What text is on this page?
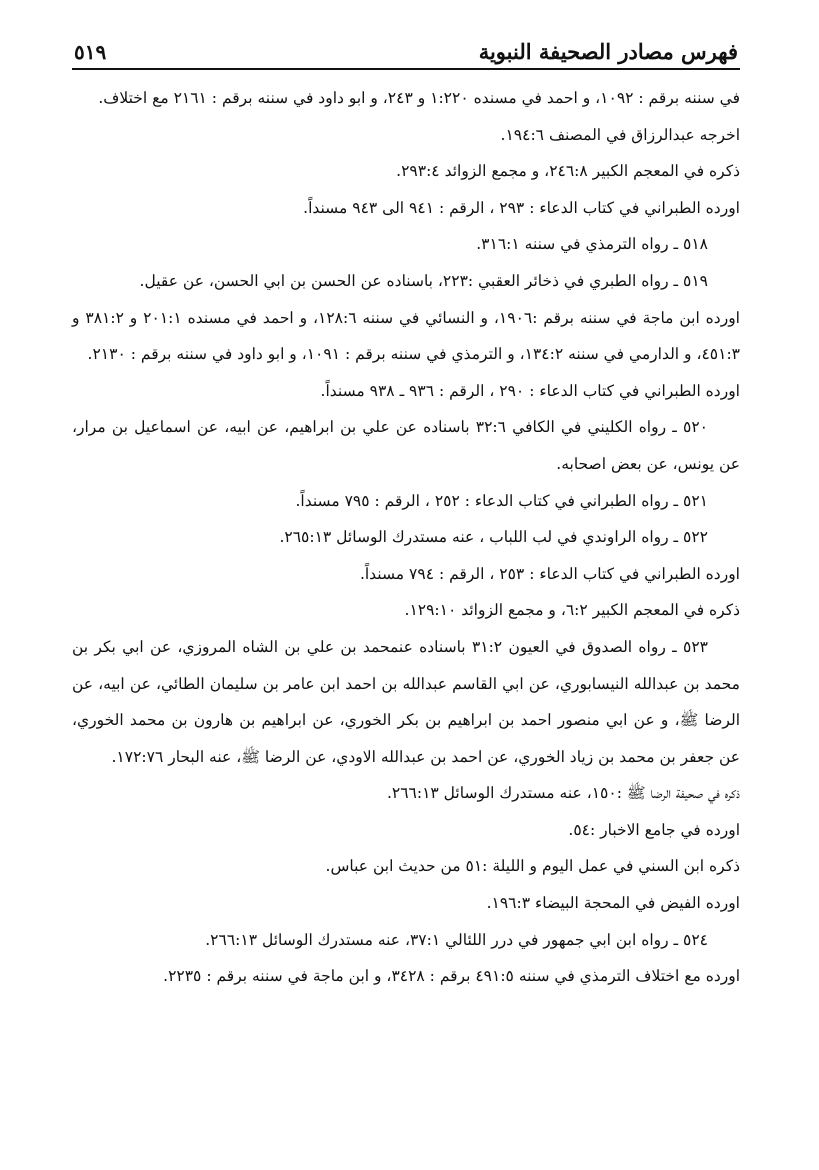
فهرس مصادر الصحيفة النبوية
٥١٩

في سننه برقم : ١٠٩٢، و احمد في مسنده ١:٢٢٠ و ٢٤٣، و ابو داود في سننه برقم : ٢١٦١ مع اختلاف.

اخرجه عبدالرزاق في المصنف ١٩٤:٦.

ذكره في المعجم الكبير ٢٤٦:٨، و مجمع الزوائد ٢٩٣:٤.

اورده الطبراني في كتاب الدعاء : ٢٩٣ ، الرقم : ٩٤١ الى ٩٤٣ مسنداً.

٥١٨ ـ رواه الترمذي في سننه ٣١٦:١.

٥١٩ ـ رواه الطبري في ذخائر العقبي :٢٢٣، باسناده عن الحسن بن ابي الحسن، عن عقيل.

اورده ابن ماجة في سننه برقم :١٩٠٦، و النسائي في سننه ١٢٨:٦، و احمد في مسنده ٢٠١:١ و ٣٨١:٢ و ٤٥١:٣، و الدارمي في سننه ١٣٤:٢، و الترمذي في سننه برقم : ١٠٩١، و ابو داود في سننه برقم : ٢١٣٠.

اورده الطبراني في كتاب الدعاء : ٢٩٠ ، الرقم : ٩٣٦ ـ ٩٣٨ مسنداً.

٥٢٠ ـ رواه الكليني في الكافي ٣٢:٦ باسناده عن علي بن ابراهيم، عن ابيه، عن اسماعيل بن مرار، عن يونس، عن بعض اصحابه.

٥٢١ ـ رواه الطبراني في كتاب الدعاء : ٢٥٢ ، الرقم : ٧٩٥ مسنداً.

٥٢٢ ـ رواه الراوندي في لب اللباب ، عنه مستدرك الوسائل ٢٦٥:١٣.

اورده الطبراني في كتاب الدعاء : ٢٥٣ ، الرقم : ٧٩٤ مسنداً.

ذكره في المعجم الكبير ٦:٢، و مجمع الزوائد ١٢٩:١٠.

٥٢٣ ـ رواه الصدوق في العيون ٣١:٢ باسناده عنمحمد بن علي بن الشاه المروزي، عن ابي بكر بن محمد بن عبدالله النيسابوري، عن ابي القاسم عبدالله بن احمد ابن عامر بن سليمان الطائي، عن ابيه، عن الرضا ﷺ، و عن ابي منصور احمد بن ابراهيم بن بكر الخوري، عن ابراهيم بن هارون بن محمد الخوري، عن جعفر بن محمد بن زياد الخوري، عن احمد بن عبدالله الاودي، عن الرضا ﷺ، عنه البحار ١٧٢:٧٦.

ذكره في صحيفة الرضا ﷺ :١٥٠، عنه مستدرك الوسائل ٢٦٦:١٣.

اورده في جامع الاخبار :٥٤.

ذكره ابن السني في عمل اليوم و الليلة :٥١ من حديث ابن عباس.

اورده الفيض في المحجة البيضاء ١٩٦:٣.

٥٢٤ ـ رواه ابن ابي جمهور في درر اللئالي ٣٧:١، عنه مستدرك الوسائل ٢٦٦:١٣.

اورده مع اختلاف الترمذي في سننه ٤٩١:٥ برقم : ٣٤٢٨، و ابن ماجة في سننه برقم : ٢٢٣٥.
